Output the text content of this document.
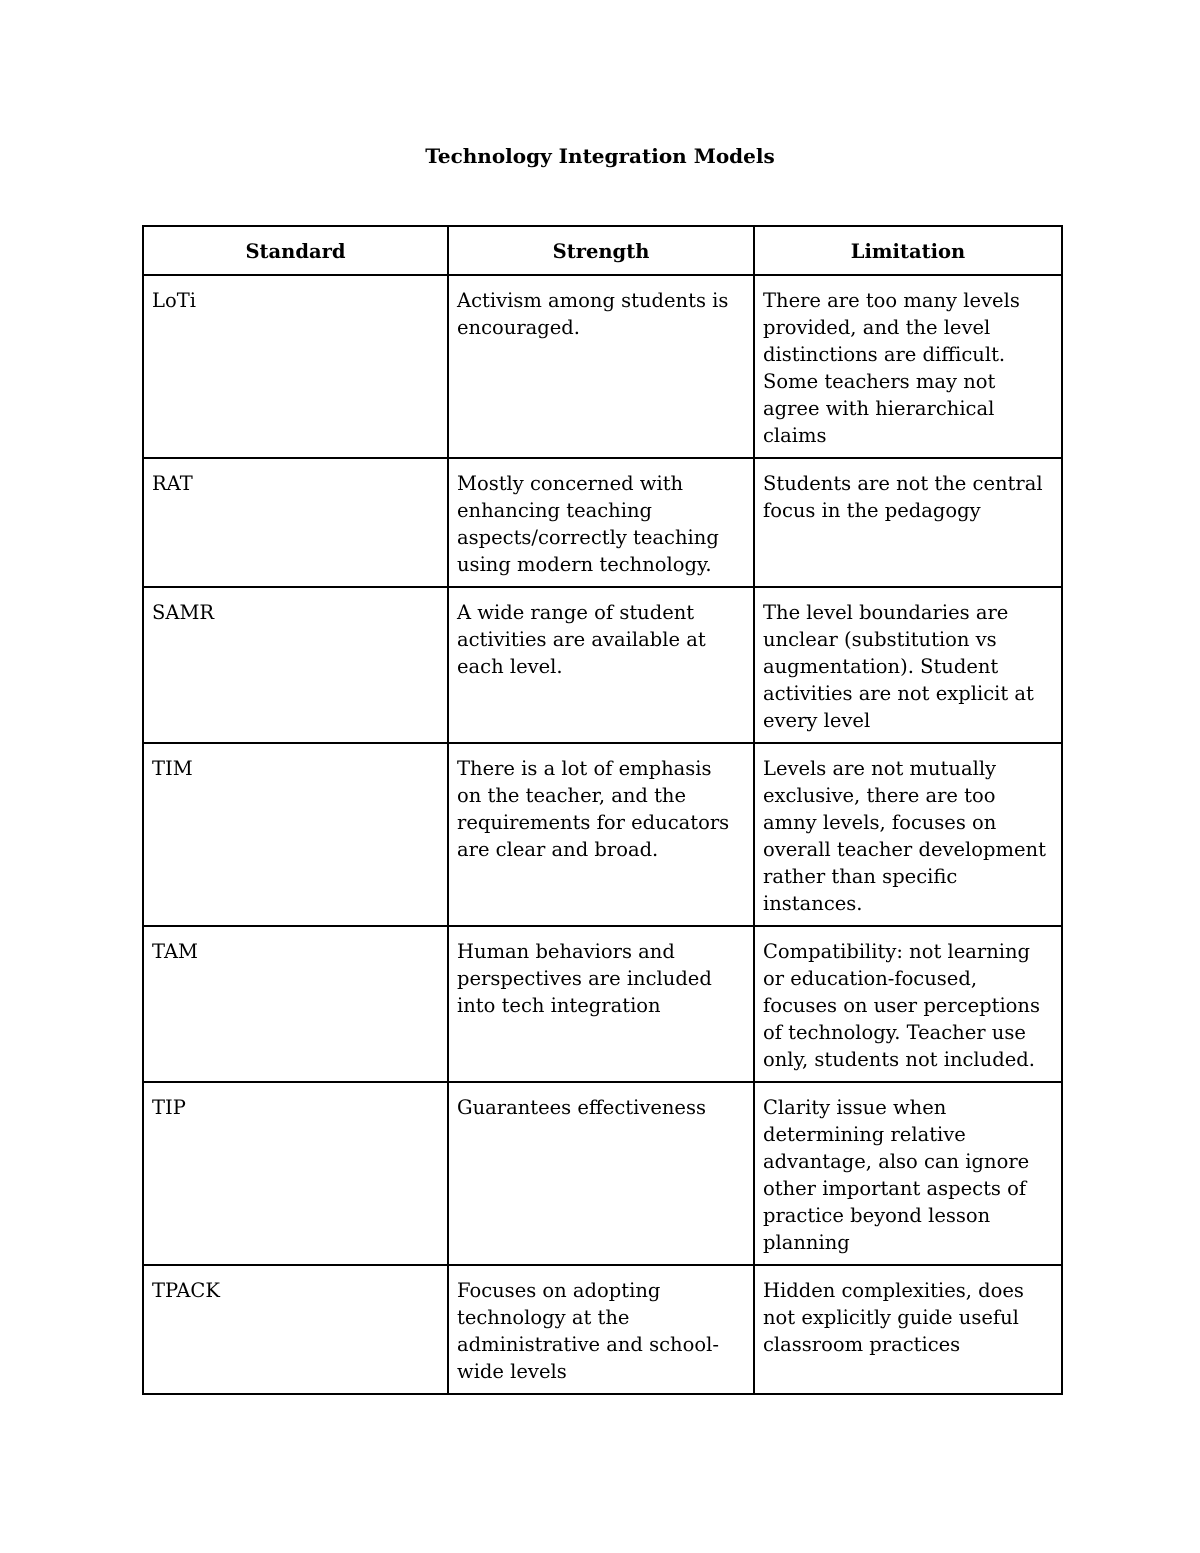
Technology Integration Models
Standard	Strength	Limitation
LoTi	Activism among students is encouraged.	There are too many levels provided, and the level distinctions are difficult. Some teachers may not agree with hierarchical claims
RAT	Mostly concerned with enhancing teaching aspects/correctly teaching using modern technology.	Students are not the central focus in the pedagogy
SAMR	A wide range of student activities are available at each level.	The level boundaries are unclear (substitution vs augmentation). Student activities are not explicit at every level
TIM	There is a lot of emphasis on the teacher, and the requirements for educators are clear and broad.	Levels are not mutually exclusive, there are too amny levels, focuses on overall teacher development rather than specific instances.
TAM	Human behaviors and perspectives are included into tech integration	Compatibility: not learning or education-focused, focuses on user perceptions of technology. Teacher use only, students not included.
TIP	Guarantees effectiveness	Clarity issue when determining relative advantage, also can ignore other important aspects of practice beyond lesson planning
TPACK	Focuses on adopting technology at the administrative and school-wide levels	Hidden complexities, does not explicitly guide useful classroom practices
